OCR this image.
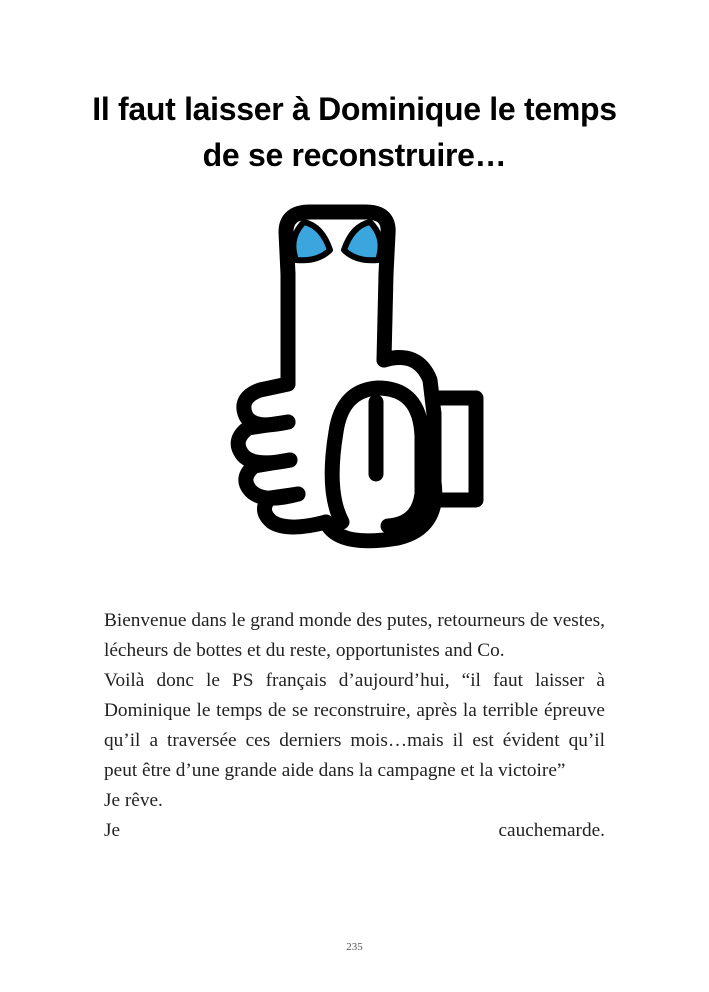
Il faut laisser à Dominique le temps de se reconstruire…

Bienvenue dans le grand monde des putes, retourneurs de vestes, lécheurs de bottes et du reste, opportunistes and Co.

Voilà donc le PS français d’aujourd’hui, “il faut laisser à Dominique le temps de se reconstruire, après la terrible épreuve qu’il a traversée ces derniers mois…mais il est évident qu’il peut être d’une grande aide dans la campagne et la victoire”

Je rêve.

Je	cauchemarde.
235
